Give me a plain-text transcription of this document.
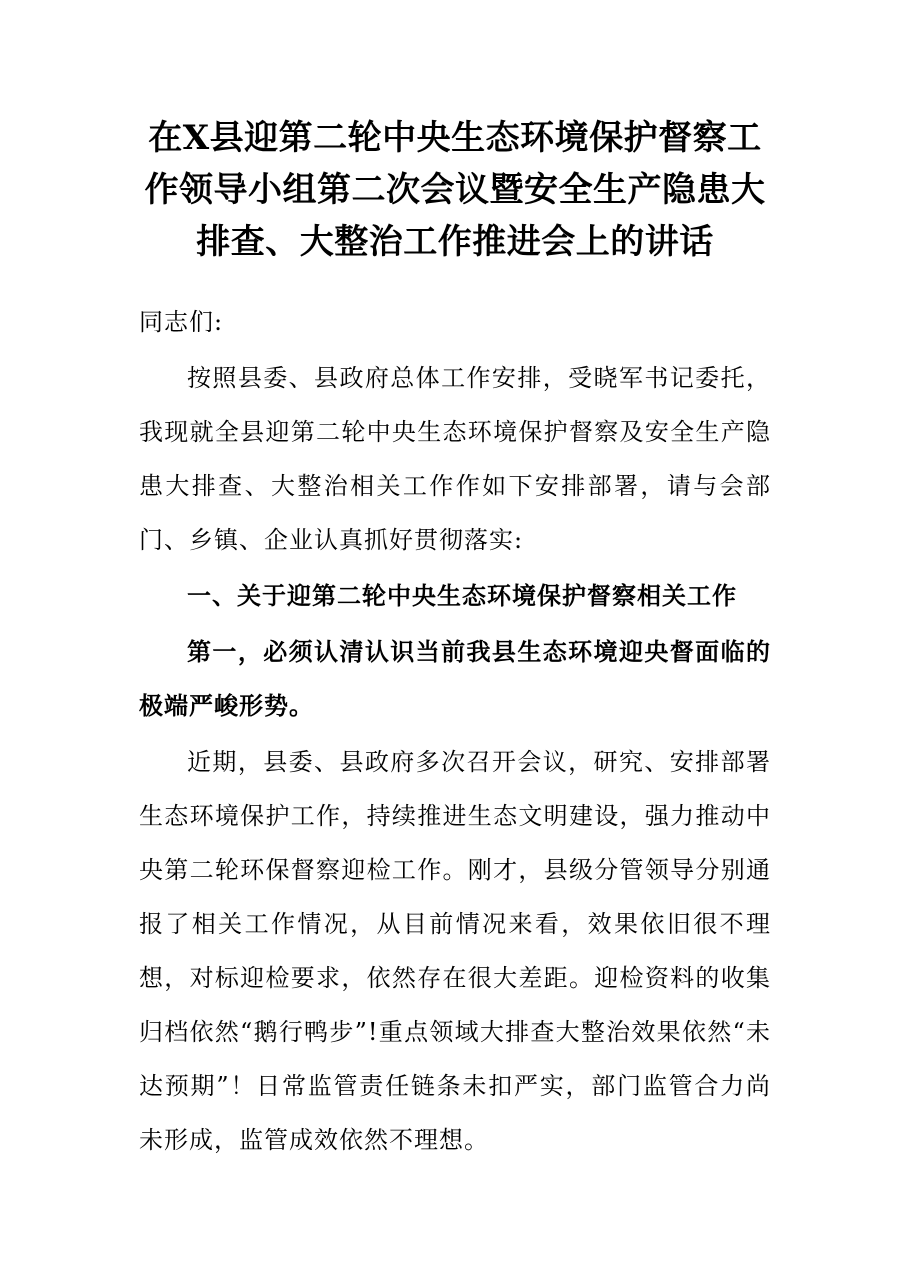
在X县迎第二轮中央生态环境保护督察工作领导小组第二次会议暨安全生产隐患大排查、大整治工作推进会上的讲话

同志们:

按照县委、县政府总体工作安排，受晓军书记委托，我现就全县迎第二轮中央生态环境保护督察及安全生产隐患大排查、大整治相关工作作如下安排部署，请与会部门、乡镇、企业认真抓好贯彻落实:

一、关于迎第二轮中央生态环境保护督察相关工作

第一，必须认清认识当前我县生态环境迎央督面临的极端严峻形势。

近期，县委、县政府多次召开会议，研究、安排部署生态环境保护工作，持续推进生态文明建设，强力推动中央第二轮环保督察迎检工作。刚才，县级分管领导分别通报了相关工作情况，从目前情况来看，效果依旧很不理想，对标迎检要求，依然存在很大差距。迎检资料的收集归档依然“鹅行鸭步”!重点领域大排查大整治效果依然“未达预期”！日常监管责任链条未扣严实，部门监管合力尚未形成，监管成效依然不理想。
